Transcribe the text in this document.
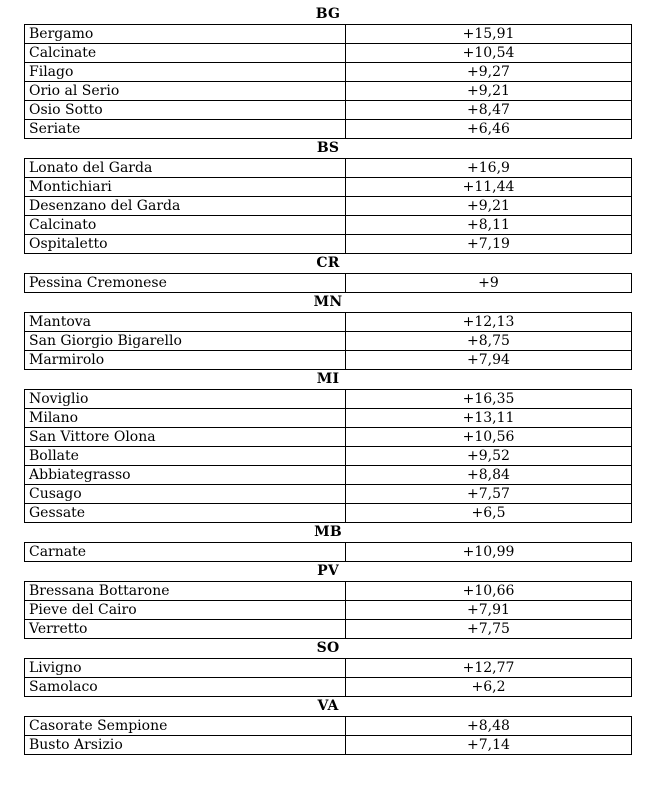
BG
Bergamo	+15,91
Calcinate	+10,54
Filago	+9,27
Orio al Serio	+9,21
Osio Sotto	+8,47
Seriate	+6,46
BS
Lonato del Garda	+16,9
Montichiari	+11,44
Desenzano del Garda	+9,21
Calcinato	+8,11
Ospitaletto	+7,19
CR
Pessina Cremonese	+9
MN
Mantova	+12,13
San Giorgio Bigarello	+8,75
Marmirolo	+7,94
MI
Noviglio	+16,35
Milano	+13,11
San Vittore Olona	+10,56
Bollate	+9,52
Abbiategrasso	+8,84
Cusago	+7,57
Gessate	+6,5
MB
Carnate	+10,99
PV
Bressana Bottarone	+10,66
Pieve del Cairo	+7,91
Verretto	+7,75
SO
Livigno	+12,77
Samolaco	+6,2
VA
Casorate Sempione	+8,48
Busto Arsizio	+7,14
